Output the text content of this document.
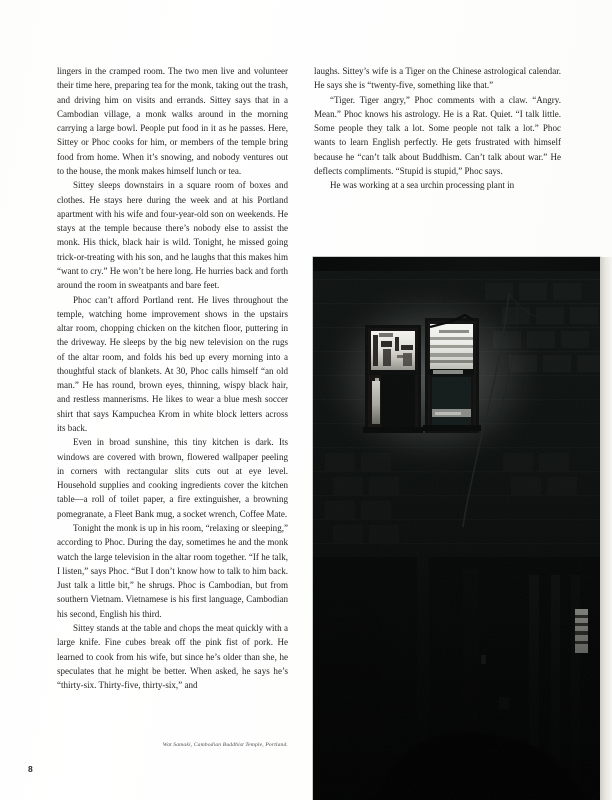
lingers in the cramped room. The two men live and volunteer their time here, preparing tea for the monk, taking out the trash, and driving him on visits and errands. Sittey says that in a Cambodian village, a monk walks around in the morning carrying a large bowl. People put food in it as he passes. Here, Sittey or Phoc cooks for him, or members of the temple bring food from home. When it’s snowing, and nobody ventures out to the house, the monk makes himself lunch or tea.

Sittey sleeps downstairs in a square room of boxes and clothes. He stays here during the week and at his Portland apartment with his wife and four-year-old son on weekends. He stays at the temple because there’s nobody else to assist the monk. His thick, black hair is wild. Tonight, he missed going trick-or-treating with his son, and he laughs that this makes him “want to cry.” He won’t be here long. He hurries back and forth around the room in sweatpants and bare feet.

Phoc can’t afford Portland rent. He lives throughout the temple, watching home improvement shows in the upstairs altar room, chopping chicken on the kitchen floor, puttering in the driveway. He sleeps by the big new television on the rugs of the altar room, and folds his bed up every morning into a thoughtful stack of blankets. At 30, Phoc calls himself “an old man.” He has round, brown eyes, thinning, wispy black hair, and restless mannerisms. He likes to wear a blue mesh soccer shirt that says Kampuchea Krom in white block letters across its back.

Even in broad sunshine, this tiny kitchen is dark. Its windows are covered with brown, flowered wallpaper peeling in corners with rectangular slits cuts out at eye level. Household supplies and cooking ingredients cover the kitchen table—a roll of toilet paper, a fire extinguisher, a browning pomegranate, a Fleet Bank mug, a socket wrench, Coffee Mate.

Tonight the monk is up in his room, “relaxing or sleeping,” according to Phoc. During the day, sometimes he and the monk watch the large television in the altar room together. “If he talk, I listen,” says Phoc. “But I don’t know how to talk to him back. Just talk a little bit,” he shrugs. Phoc is Cambodian, but from southern Vietnam. Vietnamese is his first language, Cambodian his second, English his third.

Sittey stands at the table and chops the meat quickly with a large knife. Fine cubes break off the pink fist of pork. He learned to cook from his wife, but since he’s older than she, he speculates that he might be better. When asked, he says he’s “thirty-six. Thirty-five, thirty-six,” and

laughs. Sittey’s wife is a Tiger on the Chinese astrological calendar. He says she is “twenty-five, something like that.”

“Tiger. Tiger angry,” Phoc comments with a claw. “Angry. Mean.” Phoc knows his astrology. He is a Rat. Quiet. “I talk little. Some people they talk a lot. Some people not talk a lot.” Phoc wants to learn English perfectly. He gets frustrated with himself because he “can’t talk about Buddhism. Can’t talk about war.” He deflects compliments. “Stupid is stupid,” Phoc says.

He was working at a sea urchin processing plant in

Wat Samaki, Cambodian Buddhist Temple, Portland.
8
